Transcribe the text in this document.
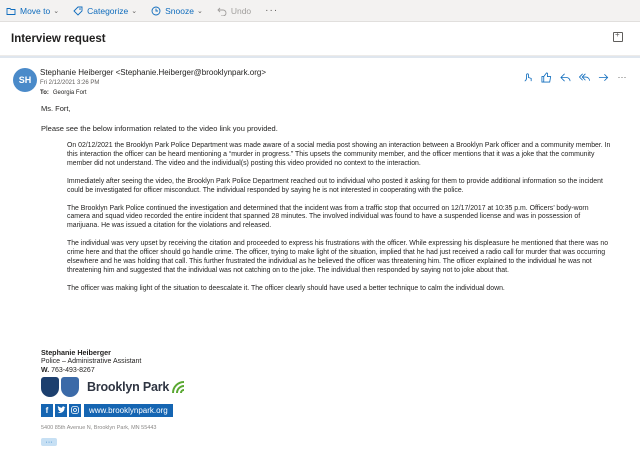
Move to ⌄	Categorize ⌄	Snooze ⌄	Undo ···
Interview request
+
SH
Stephanie Heiberger <Stephanie.Heiberger@brooklynpark.org>
Fri 2/12/2021 3:26 PM
To: Georgia Fort
···
Ms. Fort,
Please see the below information related to the video link you provided.

On 02/12/2021 the Brooklyn Park Police Department was made aware of a social media post showing an interaction between a Brooklyn Park officer and a community member. In this interaction the officer can be heard mentioning a “murder in progress.” This upsets the community member, and the officer mentions that it was a joke that the community member did not understand. The video and the individual(s) posting this video provided no context to the interaction.

Immediately after seeing the video, the Brooklyn Park Police Department reached out to individual who posted it asking for them to provide additional information so the incident could be investigated for officer misconduct. The individual responded by saying he is not interested in cooperating with the police.

The Brooklyn Park Police continued the investigation and determined that the incident was from a traffic stop that occurred on 12/17/2017 at 10:35 p.m. Officers’ body-worn camera and squad video recorded the entire incident that spanned 28 minutes. The involved individual was found to have a suspended license and was in possession of marijuana. He was issued a citation for the violations and released.

The individual was very upset by receiving the citation and proceeded to express his frustrations with the officer. While expressing his displeasure he mentioned that there was no crime here and that the officer should go handle crime. The officer, trying to make light of the situation, implied that he had just received a radio call for murder that was occurring elsewhere and he was holding that call. This further frustrated the individual as he believed the officer was threatening him. The officer explained to the individual he was not threatening him and suggested that the individual was not catching on to the joke. The individual then responded by saying not to joke about that.

The officer was making light of the situation to deescalate it. The officer clearly should have used a better technique to calm the individual down.

Stephanie Heiberger
Police – Administrative Assistant
W. 763-493-8267
Brooklyn Park
f	www.brooklynpark.org
5400 85th Avenue N, Brooklyn Park, MN 55443
···
